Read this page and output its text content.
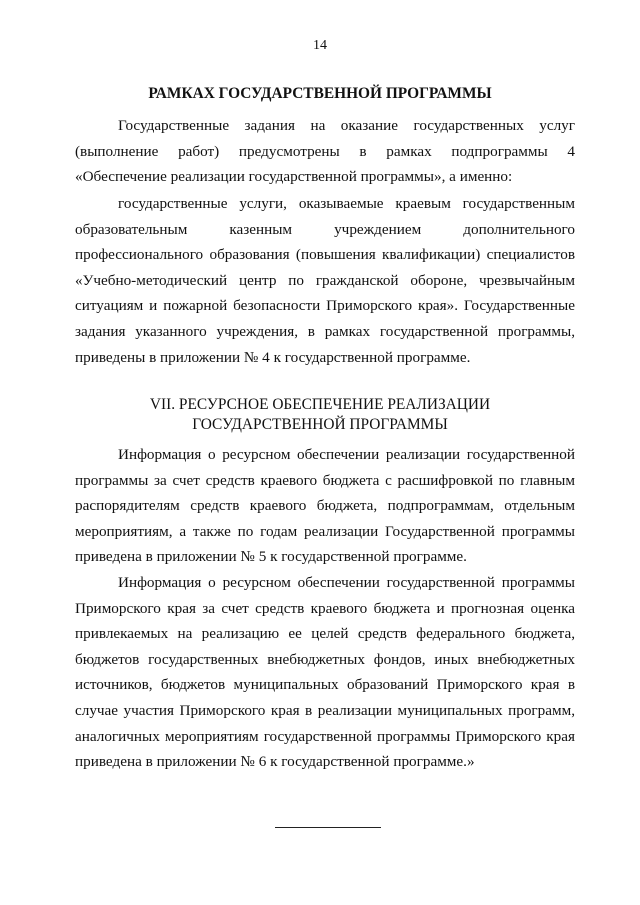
14
РАМКАХ ГОСУДАРСТВЕННОЙ ПРОГРАММЫ

Государственные задания на оказание государственных услуг (выполнение работ) предусмотрены в рамках подпрограммы 4 «Обеспечение реализации государственной программы», а именно:

государственные услуги, оказываемые краевым государственным образовательным казенным учреждением дополнительного профессионального образования (повышения квалификации) специалистов «Учебно-методический центр по гражданской обороне, чрезвычайным ситуациям и пожарной безопасности Приморского края». Государственные задания указанного учреждения, в рамках государственной программы, приведены в приложении № 4 к государственной программе.

VII. РЕСУРСНОЕ ОБЕСПЕЧЕНИЕ РЕАЛИЗАЦИИ
ГОСУДАРСТВЕННОЙ ПРОГРАММЫ

Информация о ресурсном обеспечении реализации государственной программы за счет средств краевого бюджета с расшифровкой по главным распорядителям средств краевого бюджета, подпрограммам, отдельным мероприятиям, а также по годам реализации Государственной программы приведена в приложении № 5 к государственной программе.

Информация о ресурсном обеспечении государственной программы Приморского края за счет средств краевого бюджета и прогнозная оценка привлекаемых на реализацию ее целей средств федерального бюджета, бюджетов государственных внебюджетных фондов, иных внебюджетных источников, бюджетов муниципальных образований Приморского края в случае участия Приморского края в реализации муниципальных программ, аналогичных мероприятиям государственной программы Приморского края приведена в приложении № 6 к государственной программе.»
